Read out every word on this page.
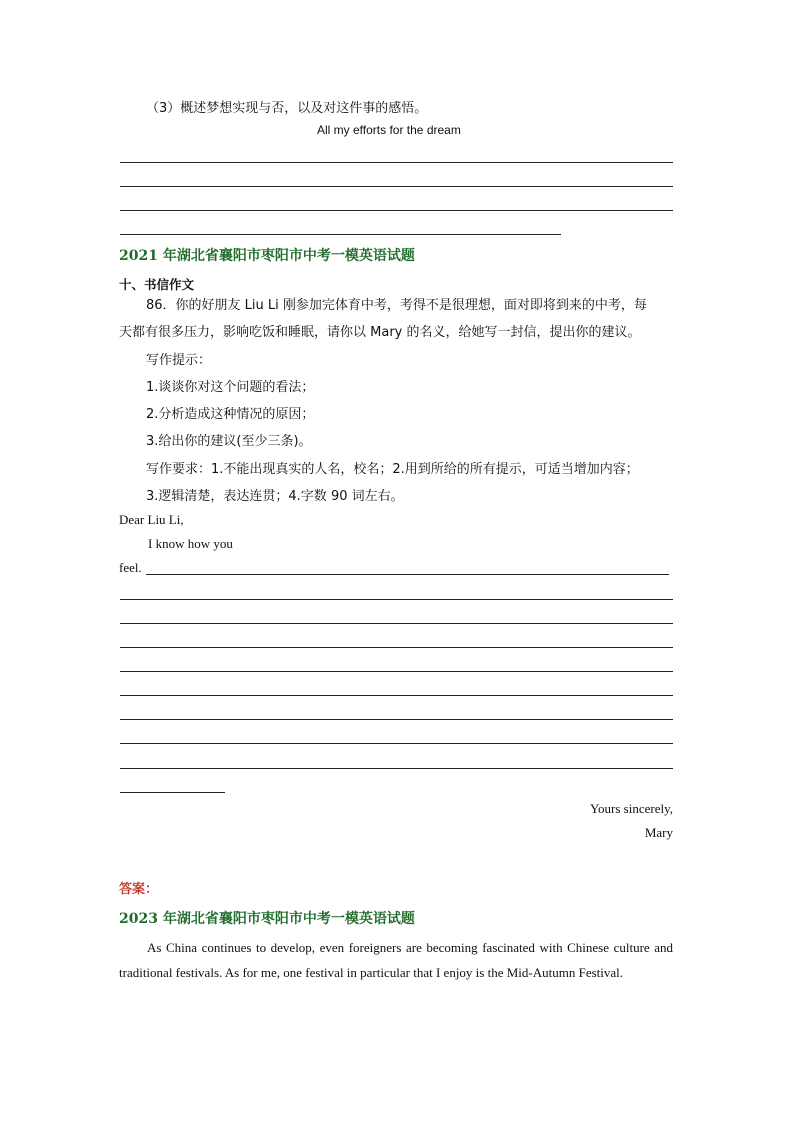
（3）概述梦想实现与否，以及对这件事的感悟。
All my efforts for the dream
2021 年湖北省襄阳市枣阳市中考一模英语试题
十、书信作文
86．你的好朋友 Liu Li 刚参加完体育中考，考得不是很理想，面对即将到来的中考，每
天都有很多压力，影响吃饭和睡眠，请你以 Mary 的名义，给她写一封信，提出你的建议。
写作提示：
1.谈谈你对这个问题的看法；
2.分析造成这种情况的原因；
3.给出你的建议(至少三条)。
写作要求：1.不能出现真实的人名，校名；2.用到所给的所有提示，可适当增加内容；
3.逻辑清楚，表达连贯；4.字数 90 词左右。
Dear Liu Li,
I know how you
feel.
Yours sincerely,
Mary
答案：
2023 年湖北省襄阳市枣阳市中考一模英语试题
As China continues to develop, even foreigners are becoming fascinated with Chinese culture and traditional festivals. As for me, one festival in particular that I enjoy is the Mid-Autumn Festival.
